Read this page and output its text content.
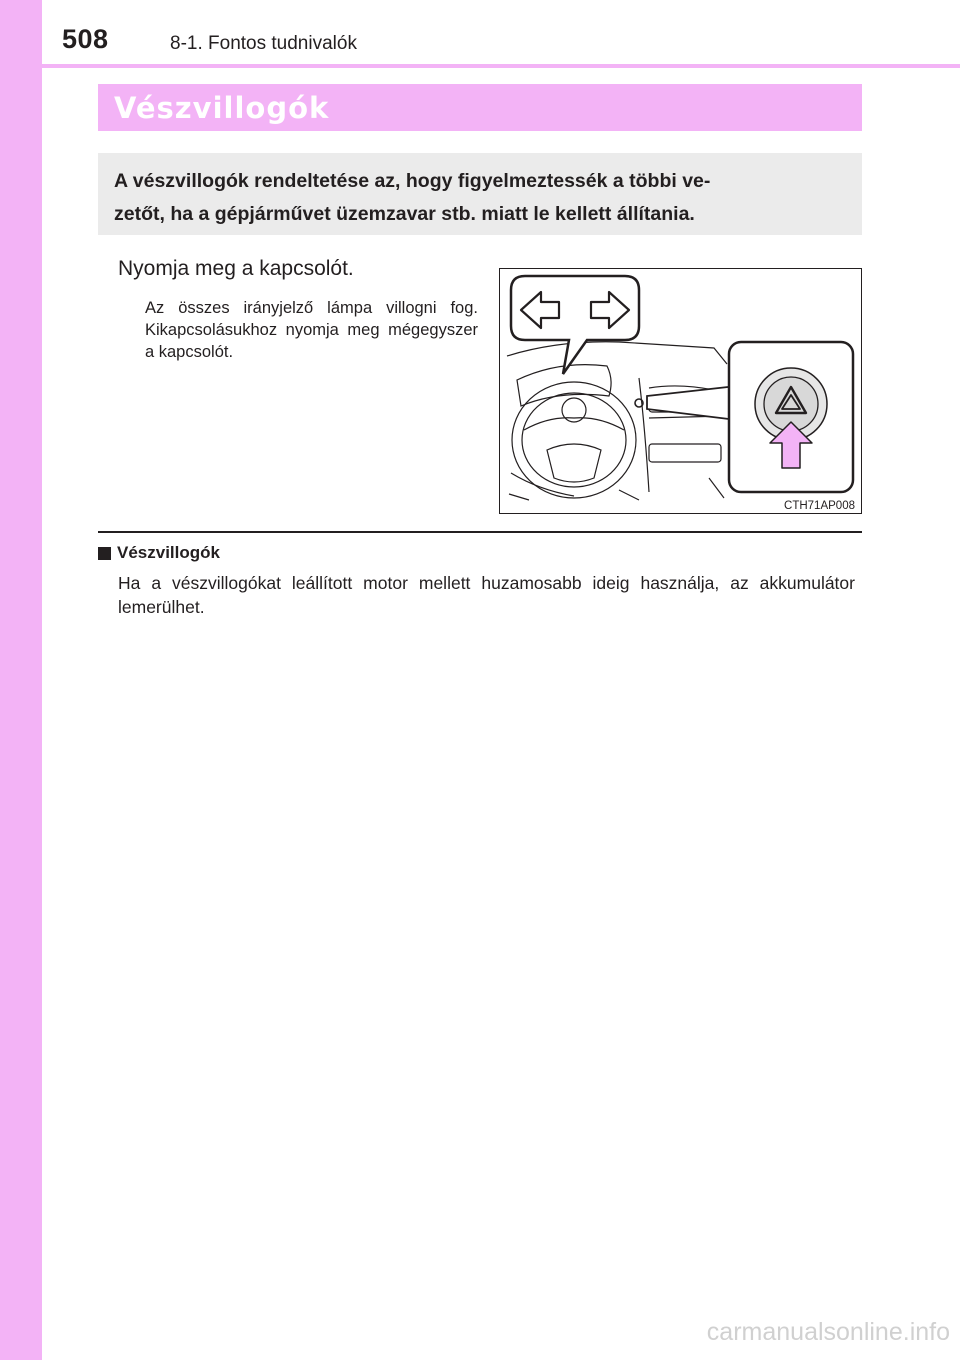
508	8-1. Fontos tudnivalók
Vészvillogók

A vészvillogók rendeltetése az, hogy figyelmeztessék a többi ve-

zetőt, ha a gépjárművet üzemzavar stb. miatt le kellett állítania.

Nyomja meg a kapcsolót.

Az összes irányjelző lámpa villogni fog. Kikapcsolásukhoz nyomja meg mégegyszer a kapcsolót.

CTH71AP008
Vészvillogók

Ha a vészvillogókat leállított motor mellett huzamosabb ideig használja, az akkumulátor lemerülhet.

carmanualsonline.info
